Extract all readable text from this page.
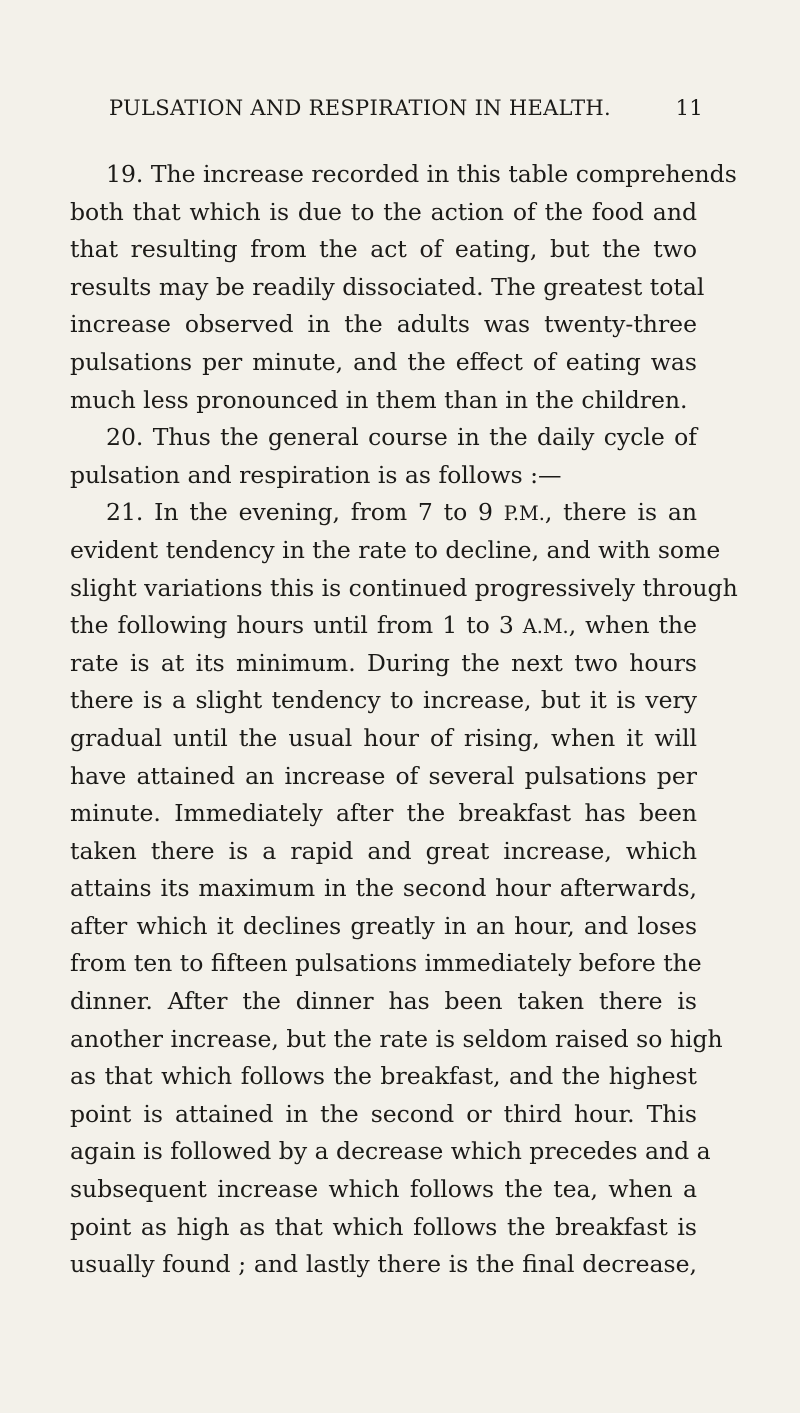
PULSATION AND RESPIRATION IN HEALTH.	11
19. The increase recorded in this table comprehends
both that which is due to the action of the food and
that resulting from the act of eating, but the two
results may be readily dissociated. The greatest total
increase observed in the adults was twenty-three
pulsations per minute, and the effect of eating was
much less pronounced in them than in the children.
20. Thus the general course in the daily cycle of
pulsation and respiration is as follows :—
21. In the evening, from 7 to 9 P.M., there is an
evident tendency in the rate to decline, and with some
slight variations this is continued progressively through
the following hours until from 1 to 3 A.M., when the
rate is at its minimum. During the next two hours
there is a slight tendency to increase, but it is very
gradual until the usual hour of rising, when it will
have attained an increase of several pulsations per
minute. Immediately after the breakfast has been
taken there is a rapid and great increase, which
attains its maximum in the second hour afterwards,
after which it declines greatly in an hour, and loses
from ten to fifteen pulsations immediately before the
dinner. After the dinner has been taken there is
another increase, but the rate is seldom raised so high
as that which follows the breakfast, and the highest
point is attained in the second or third hour. This
again is followed by a decrease which precedes and a
subsequent increase which follows the tea, when a
point as high as that which follows the breakfast is
usually found ; and lastly there is the final decrease,
